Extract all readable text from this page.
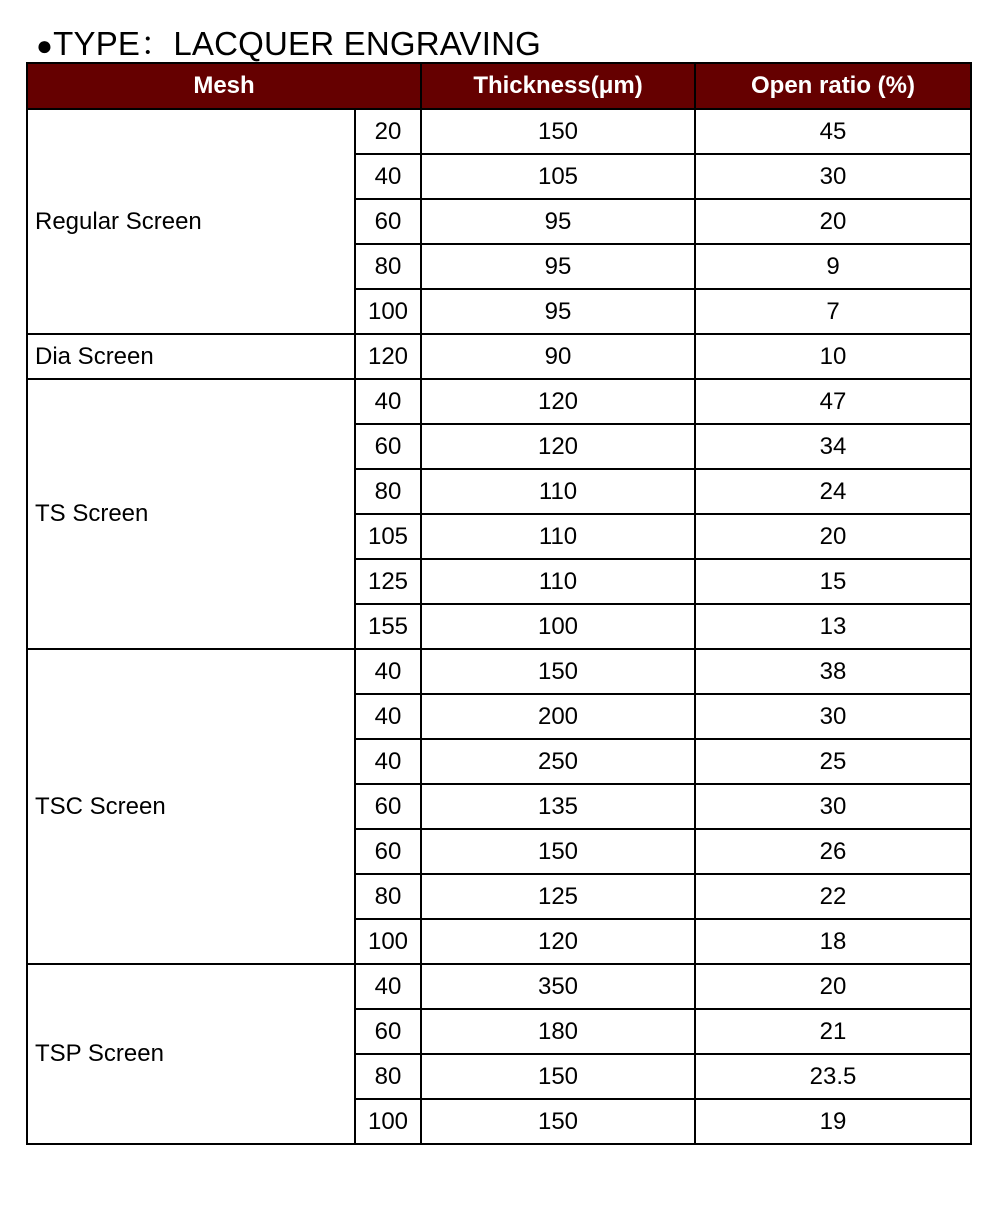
●TYPE：LACQUER ENGRAVING
Mesh		Thickness(μm)	Open ratio (%)
Regular Screen	20	150	45
	40	105	30
	60	95	20
	80	95	9
	100	95	7
Dia Screen	120	90	10
TS Screen	40	120	47
	60	120	34
	80	110	24
	105	110	20
	125	110	15
	155	100	13
TSC Screen	40	150	38
	40	200	30
	40	250	25
	60	135	30
	60	150	26
	80	125	22
	100	120	18
TSP Screen	40	350	20
	60	180	21
	80	150	23.5
	100	150	19
